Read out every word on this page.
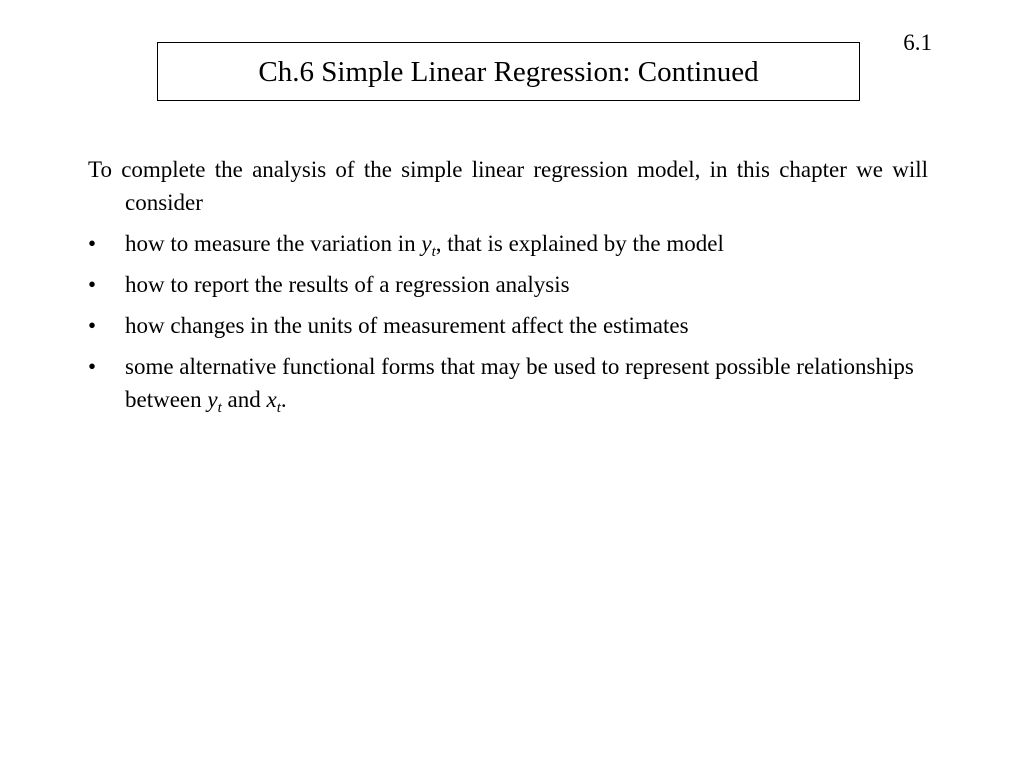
6.1
Ch.6 Simple Linear Regression: Continued

To complete the analysis of the simple linear regression model, in this chapter we will consider

• how to measure the variation in $y_t$, that is explained by the model
• how to report the results of a regression analysis
• how changes in the units of measurement affect the estimates
• some alternative functional forms that may be used to represent possible relationships between $y_t$ and $x_t$.
